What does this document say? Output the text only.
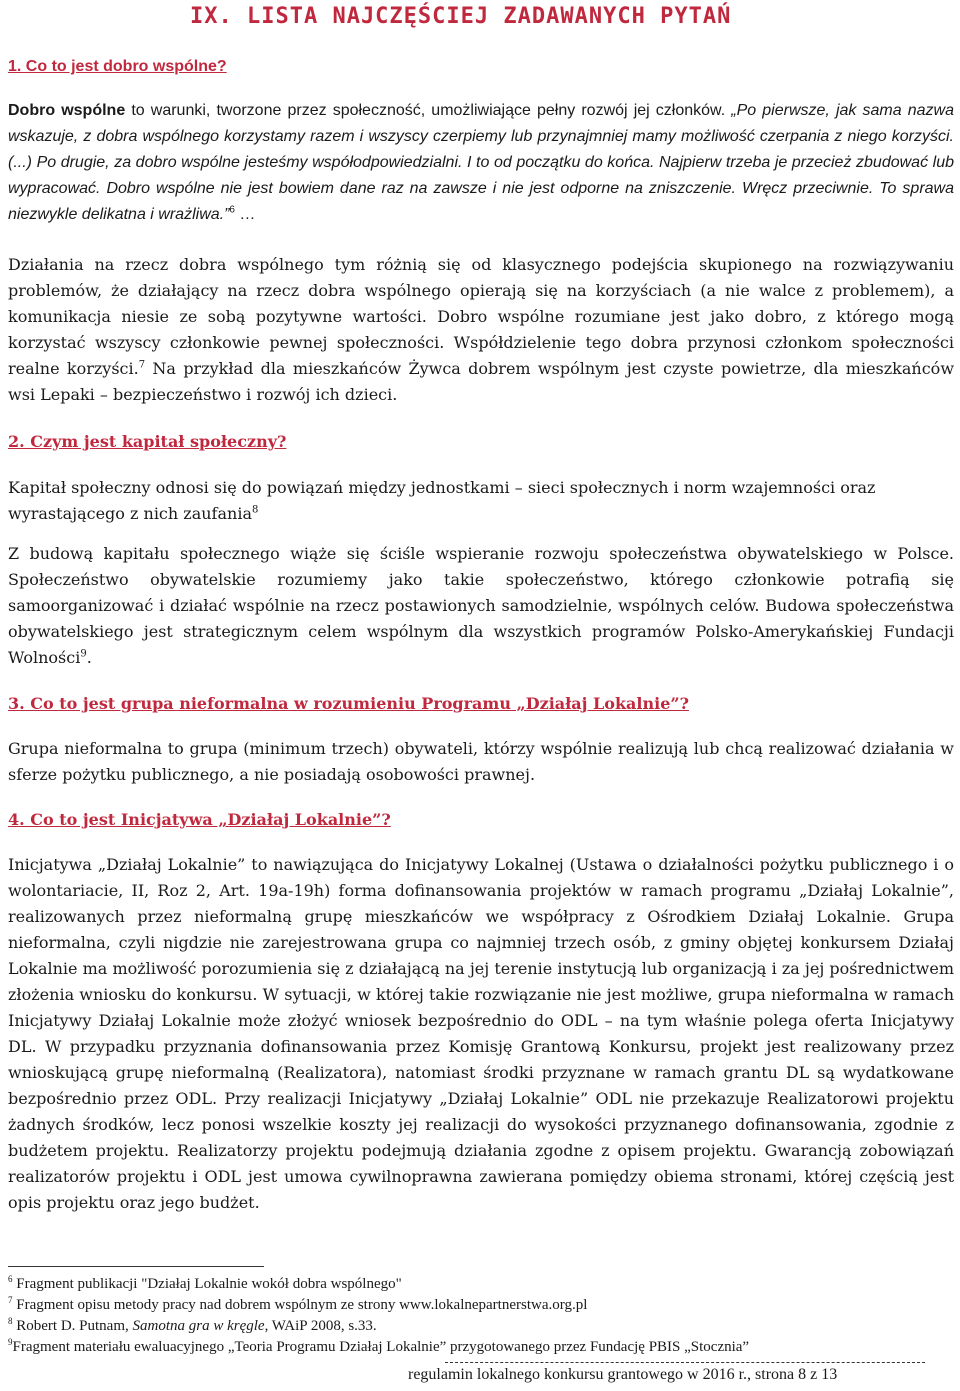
IX. LISTA NAJCZĘŚCIEJ ZADAWANYCH PYTAŃ
1. Co to jest dobro wspólne?

Dobro wspólne to warunki, tworzone przez społeczność, umożliwiające pełny rozwój jej członków. „Po pierwsze, jak sama nazwa wskazuje, z dobra wspólnego korzystamy razem i wszyscy czerpiemy lub przynajmniej mamy możliwość czerpania z niego korzyści. (...) Po drugie, za dobro wspólne jesteśmy współodpowiedzialni. I to od początku do końca. Najpierw trzeba je przecież zbudować lub wypracować. Dobro wspólne nie jest bowiem dane raz na zawsze i nie jest odporne na zniszczenie. Wręcz przeciwnie. To sprawa niezwykle delikatna i wrażliwa.”$^6$ …

Działania na rzecz dobra wspólnego tym różnią się od klasycznego podejścia skupionego na rozwiązywaniu problemów, że działający na rzecz dobra wspólnego opierają się na korzyściach (a nie walce z problemem), a komunikacja niesie ze sobą pozytywne wartości. Dobro wspólne rozumiane jest jako dobro, z którego mogą korzystać wszyscy członkowie pewnej społeczności. Współdzielenie tego dobra przynosi członkom społeczności realne korzyści.$^7$ Na przykład dla mieszkańców Żywca dobrem wspólnym jest czyste powietrze, dla mieszkańców wsi Lepaki – bezpieczeństwo i rozwój ich dzieci.

2. Czym jest kapitał społeczny?

Kapitał społeczny odnosi się do powiązań między jednostkami – sieci społecznych i norm wzajemności oraz wyrastającego z nich zaufania$^8$

Z budową kapitału społecznego wiąże się ściśle wspieranie rozwoju społeczeństwa obywatelskiego w Polsce. Społeczeństwo obywatelskie rozumiemy jako takie społeczeństwo, którego członkowie potrafią się samoorganizować i działać wspólnie na rzecz postawionych samodzielnie, wspólnych celów. Budowa społeczeństwa obywatelskiego jest strategicznym celem wspólnym dla wszystkich programów Polsko-Amerykańskiej Fundacji Wolności$^9$.

3. Co to jest grupa nieformalna w rozumieniu Programu „Działaj Lokalnie”?

Grupa nieformalna to grupa (minimum trzech) obywateli, którzy wspólnie realizują lub chcą realizować działania w sferze pożytku publicznego, a nie posiadają osobowości prawnej.

4. Co to jest Inicjatywa „Działaj Lokalnie”?

Inicjatywa „Działaj Lokalnie” to nawiązująca do Inicjatywy Lokalnej (Ustawa o działalności pożytku publicznego i o wolontariacie, II, Roz 2, Art. 19a-19h) forma dofinansowania projektów w ramach programu „Działaj Lokalnie”, realizowanych przez nieformalną grupę mieszkańców we współpracy z Ośrodkiem Działaj Lokalnie. Grupa nieformalna, czyli nigdzie nie zarejestrowana grupa co najmniej trzech osób, z gminy objętej konkursem Działaj Lokalnie ma możliwość porozumienia się z działającą na jej terenie instytucją lub organizacją i za jej pośrednictwem złożenia wniosku do konkursu. W sytuacji, w której takie rozwiązanie nie jest możliwe, grupa nieformalna w ramach Inicjatywy Działaj Lokalnie może złożyć wniosek bezpośrednio do ODL – na tym właśnie polega oferta Inicjatywy DL. W przypadku przyznania dofinansowania przez Komisję Grantową Konkursu, projekt jest realizowany przez wnioskującą grupę nieformalną (Realizatora), natomiast środki przyznane w ramach grantu DL są wydatkowane bezpośrednio przez ODL. Przy realizacji Inicjatywy „Działaj Lokalnie” ODL nie przekazuje Realizatorowi projektu żadnych środków, lecz ponosi wszelkie koszty jej realizacji do wysokości przyznanego dofinansowania, zgodnie z budżetem projektu. Realizatorzy projektu podejmują działania zgodne z opisem projektu. Gwarancją zobowiązań realizatorów projektu i ODL jest umowa cywilnoprawna zawierana pomiędzy obiema stronami, której częścią jest opis projektu oraz jego budżet.

$^6$ Fragment publikacji "Działaj Lokalnie wokół dobra wspólnego"
$^7$ Fragment opisu metody pracy nad dobrem wspólnym ze strony www.lokalnepartnerstwa.org.pl
$^8$ Robert D. Putnam, Samotna gra w kręgle, WAiP 2008, s.33.
$^9$Fragment materiału ewaluacyjnego „Teoria Programu Działaj Lokalnie” przygotowanego przez Fundację PBIS „Stocznia”
regulamin lokalnego konkursu grantowego w 2016 r., strona 8 z 13
